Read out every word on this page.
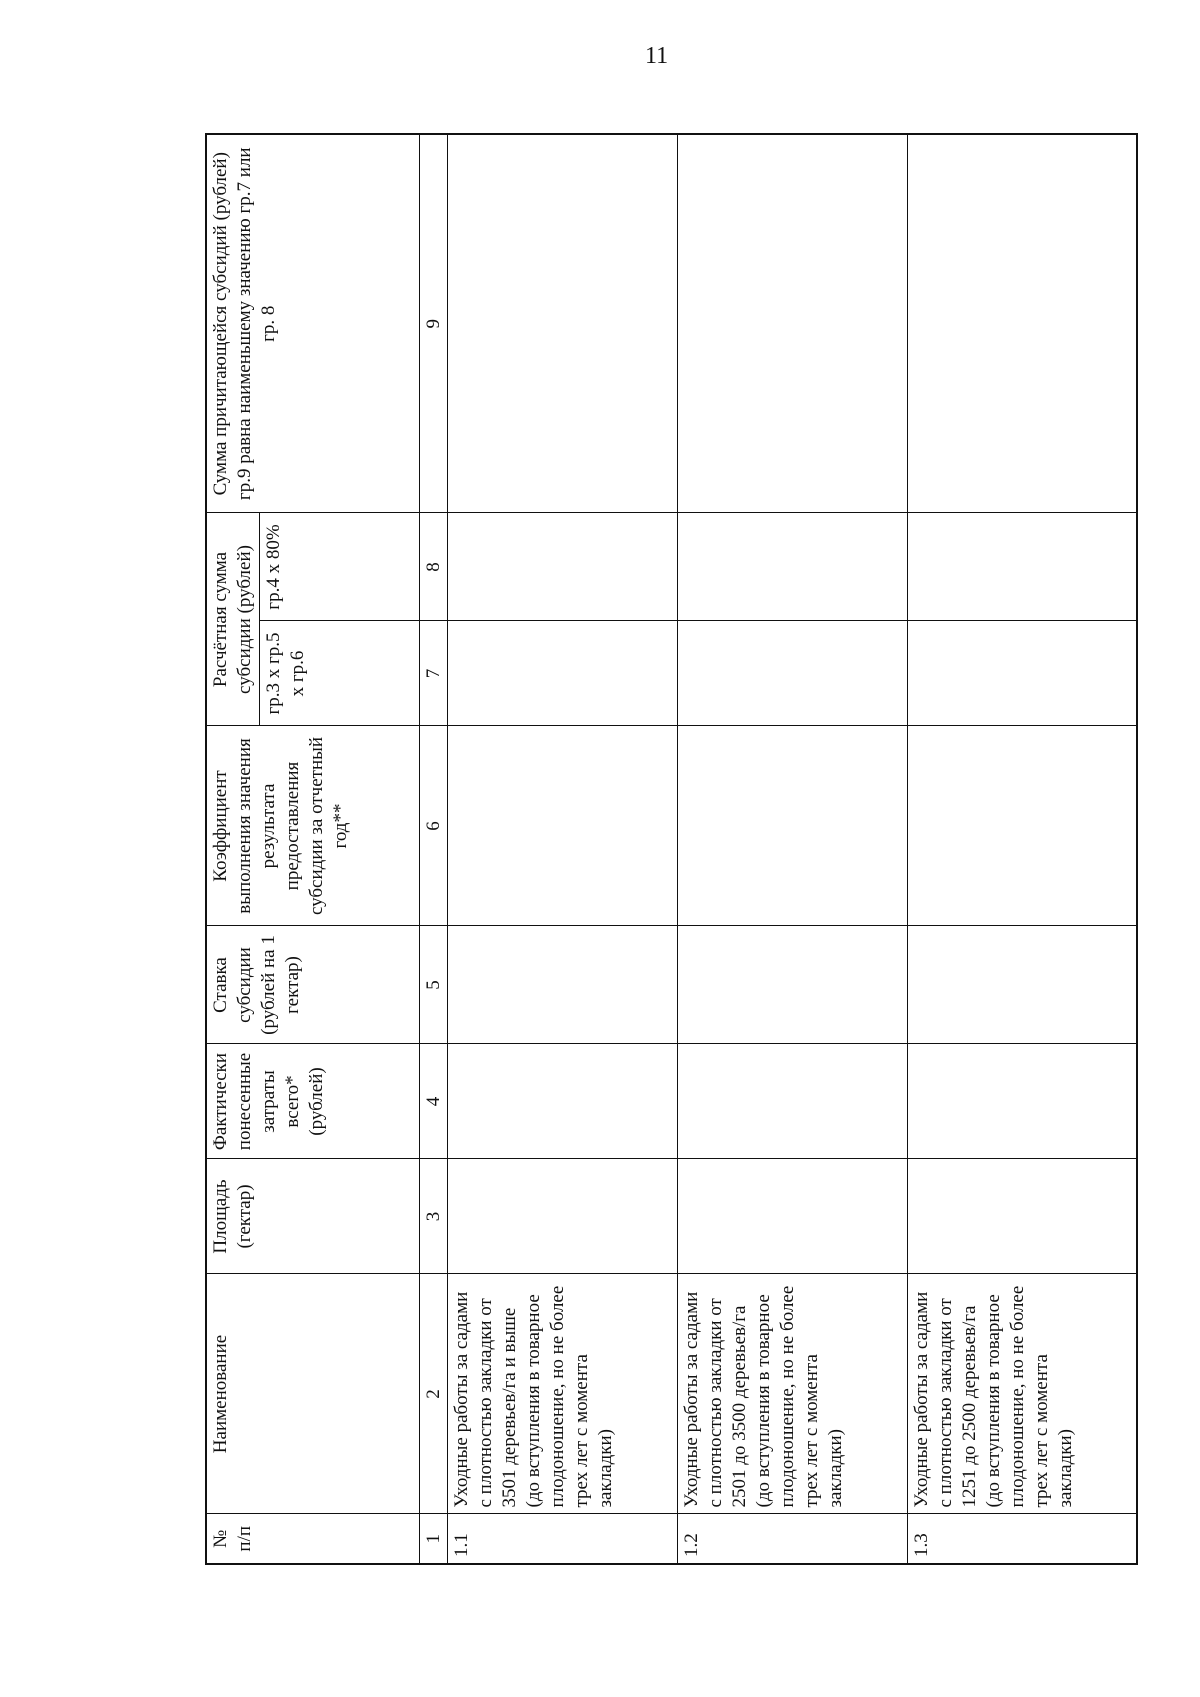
11
№ п/п	Наименование	Площадь (гектар)	Фактически понесенные затраты всего* (рублей)	Ставка субсидии (рублей на 1 гектар)	Коэффициент выполнения значения результата предоставления субсидии за отчетный год**	Расчётная сумма субсидии (рублей)		Сумма причитающейся субсидий (рублей) гр.9 равна наименьшему значению гр.7 или гр. 8
						гр.3 х гр.5 х гр.6	гр.4 х 80%	
1	2	3	4	5	6	7	8	9
1.1	Уходные работы за садами с плотностью закладки от 3501 деревьев/га и выше (до вступления в товарное плодоношение, но не более трех лет с момента закладки)							
1.2	Уходные работы за садами с плотностью закладки от 2501 до 3500 деревьев/га (до вступления в товарное плодоношение, но не более трех лет с момента закладки)							
1.3	Уходные работы за садами с плотностью закладки от 1251 до 2500 деревьев/га (до вступления в товарное плодоношение, но не более трех лет с момента закладки)							
